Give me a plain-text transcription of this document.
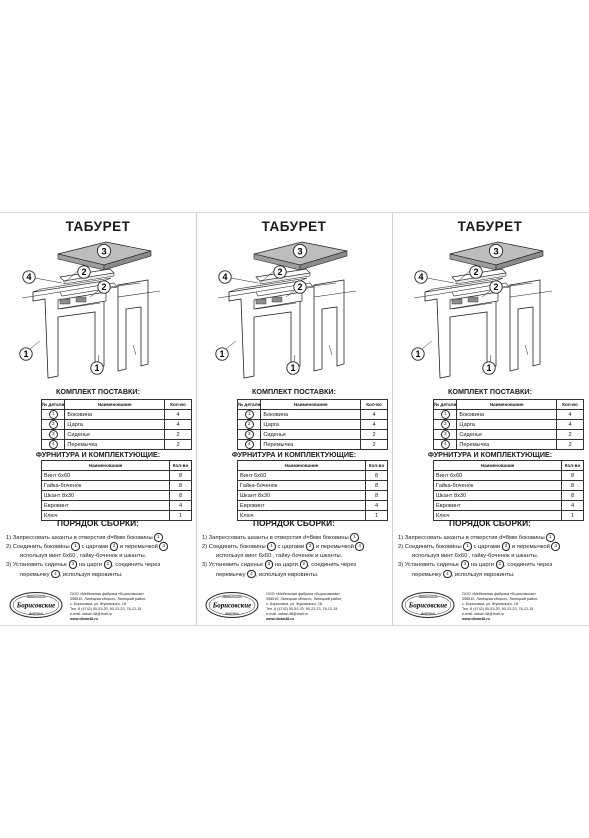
ТАБУРЕТ
4	2
3
2
1
1
КОМПЛЕКТ ПОСТАВКИ:
№ детали	Наименование	Кол-во
1	Боковина	4
2	Царга	4
3	Сиденье	2
4	Перемычка	2
ФУРНИТУРА И КОМПЛЕКТУЮЩИЕ:
Наименование	Кол-во
Винт 6х60	8
Гайка-боченок	8
Шкант 8х30	8
Евровинт	4
Ключ	1
ПОРЯДОК СБОРКИ:

1) Запрессовать шканты в отверстия d=8мм боковины 1

2) Соединить боковины 1 с царгами 2 и перемычкой 4

используя винт 6х60 , гайку-боченок и шканты.

3) Установить сиденье 3 на царги 2 , соединить через

перемычку 4 , используя евровинты.

МЕБЕЛЬНАЯ
Борисовские
ФАБРИКА

ООО «Мебельная фабрика «Борисовская»

398510, Липецкая область, Липецкий район,

с. Борисовка, ул. Жуковского, 18

Тел. 8 (4742) 50-53-20, 90-23-23, 76-12-15

e-mail: zakaz-48@mail.ru

www.divan48.ru

ТАБУРЕТ
4	2
3
2
1
1
КОМПЛЕКТ ПОСТАВКИ:
№ детали	Наименование	Кол-во
1	Боковина	4
2	Царга	4
3	Сиденье	2
4	Перемычка	2
ФУРНИТУРА И КОМПЛЕКТУЮЩИЕ:
Наименование	Кол-во
Винт 6х60	8
Гайка-боченок	8
Шкант 8х30	8
Евровинт	4
Ключ	1
ПОРЯДОК СБОРКИ:

1) Запрессовать шканты в отверстия d=8мм боковины 1

2) Соединить боковины 1 с царгами 2 и перемычкой 4

используя винт 6х60 , гайку-боченок и шканты.

3) Установить сиденье 3 на царги 2 , соединить через

перемычку 4 , используя евровинты.

МЕБЕЛЬНАЯ
Борисовские
ФАБРИКА

ООО «Мебельная фабрика «Борисовская»

398510, Липецкая область, Липецкий район,

с. Борисовка, ул. Жуковского, 18

Тел. 8 (4742) 50-53-20, 90-23-23, 76-12-15

e-mail: zakaz-48@mail.ru

www.divan48.ru

ТАБУРЕТ
4	2
3
2
1
1
КОМПЛЕКТ ПОСТАВКИ:
№ детали	Наименование	Кол-во
1	Боковина	4
2	Царга	4
3	Сиденье	2
4	Перемычка	2
ФУРНИТУРА И КОМПЛЕКТУЮЩИЕ:
Наименование	Кол-во
Винт 6х60	8
Гайка-боченок	8
Шкант 8х30	8
Евровинт	4
Ключ	1
ПОРЯДОК СБОРКИ:

1) Запрессовать шканты в отверстия d=8мм боковины 1

2) Соединить боковины 1 с царгами 2 и перемычкой 4

используя винт 6х60 , гайку-боченок и шканты.

3) Установить сиденье 3 на царги 2 , соединить через

перемычку 4 , используя евровинты.

МЕБЕЛЬНАЯ
Борисовские
ФАБРИКА

ООО «Мебельная фабрика «Борисовская»

398510, Липецкая область, Липецкий район,

с. Борисовка, ул. Жуковского, 18

Тел. 8 (4742) 50-53-20, 90-23-23, 76-12-15

e-mail: zakaz-48@mail.ru

www.divan48.ru
